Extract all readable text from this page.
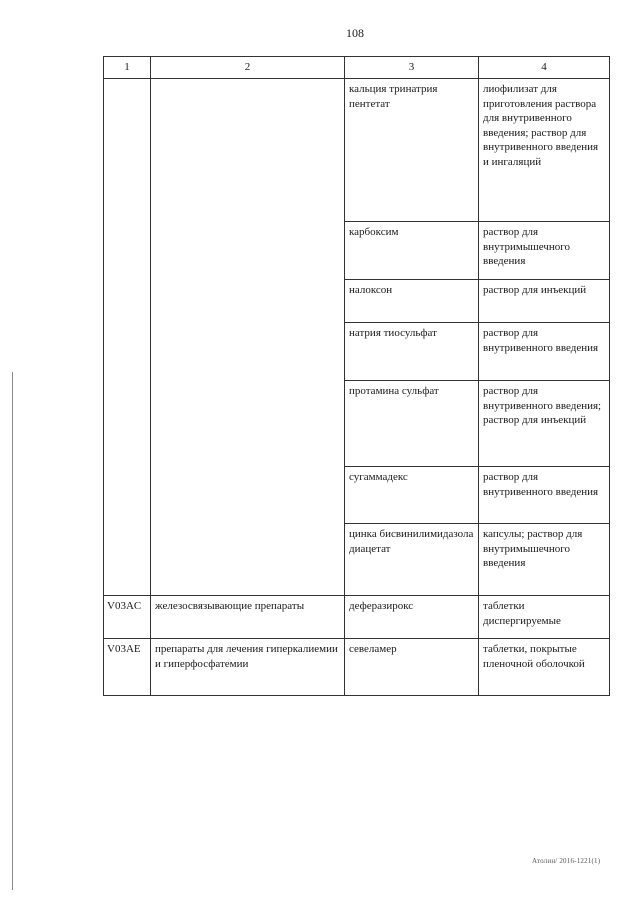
108
1	2	3	4
		кальция тринатрия пентетат	лиофилизат для приготовления раствора для внутривенного введения; раствор для внутривенного введения и ингаляций
		карбоксим	раствор для внутримышечного введения
		налоксон	раствор для инъекций
		натрия тиосульфат	раствор для внутривенного введения
		протамина сульфат	раствор для внутривенного введения; раствор для инъекций
		сугаммадекс	раствор для внутривенного введения
		цинка бисвинилимидазола диацетат	капсулы; раствор для внутримышечного введения
V03AC	железосвязывающие препараты	деферазирокс	таблетки диспергируемые
V03AE	препараты для лечения гиперкалиемии и гиперфосфатемии	севеламер	таблетки, покрытые пленочной оболочкой
Атолин/ 2016-1221(1)
